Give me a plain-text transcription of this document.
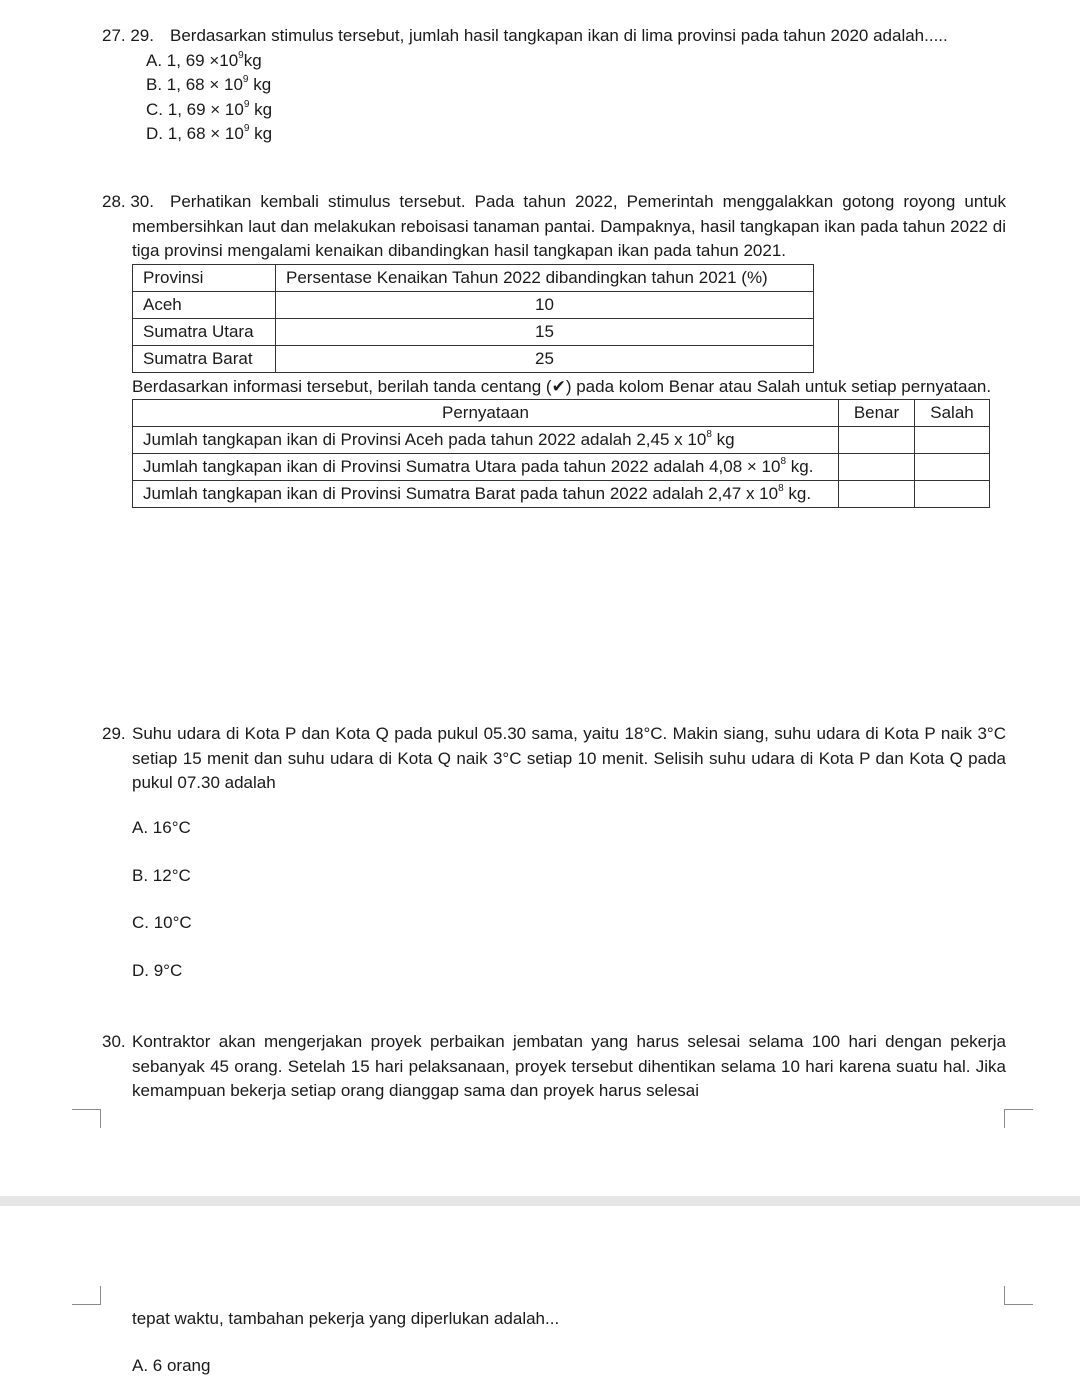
27. 29. Berdasarkan stimulus tersebut, jumlah hasil tangkapan ikan di lima provinsi pada tahun 2020 adalah.....
A. 1, $69 \times 10^9kg$
B. 1, $68 \times 10^9$ kg
C. 1, $69 \times 10^9$ kg
D. 1, $68 \times 10^9$ kg
28. 30. Perhatikan kembali stimulus tersebut. Pada tahun 2022, Pemerintah menggalakkan gotong royong untuk membersihkan laut dan melakukan reboisasi tanaman pantai. Dampaknya, hasil tangkapan ikan pada tahun 2022 di tiga provinsi mengalami kenaikan dibandingkan hasil tangkapan ikan pada tahun 2021.
Provinsi	Persentase Kenaikan Tahun 2022 dibandingkan tahun 2021 (%)
Aceh	10
Sumatra Utara	15
Sumatra Barat	25
Berdasarkan informasi tersebut, berilah tanda centang (✔) pada kolom Benar atau Salah untuk setiap pernyataan.
Pernyataan	Benar	Salah
Jumlah tangkapan ikan di Provinsi Aceh pada tahun 2022 adalah 2,45 x $10^8$ kg		
Jumlah tangkapan ikan di Provinsi Sumatra Utara pada tahun 2022 adalah $4,08 \times 10^8$ kg.		
Jumlah tangkapan ikan di Provinsi Sumatra Barat pada tahun 2022 adalah 2,47 x $10^8$ kg.		
29. Suhu udara di Kota P dan Kota Q pada pukul 05.30 sama, yaitu 18°C. Makin siang, suhu udara di Kota P naik 3°C setiap 15 menit dan suhu udara di Kota Q naik 3°C setiap 10 menit. Selisih suhu udara di Kota P dan Kota Q pada pukul 07.30 adalah
A. 16°C
B. 12°C
C. 10°C
D. 9°C
30. Kontraktor akan mengerjakan proyek perbaikan jembatan yang harus selesai selama 100 hari dengan pekerja sebanyak 45 orang. Setelah 15 hari pelaksanaan, proyek tersebut dihentikan selama 10 hari karena suatu hal. Jika kemampuan bekerja setiap orang dianggap sama dan proyek harus selesai
tepat waktu, tambahan pekerja yang diperlukan adalah...
A. 6 orang
